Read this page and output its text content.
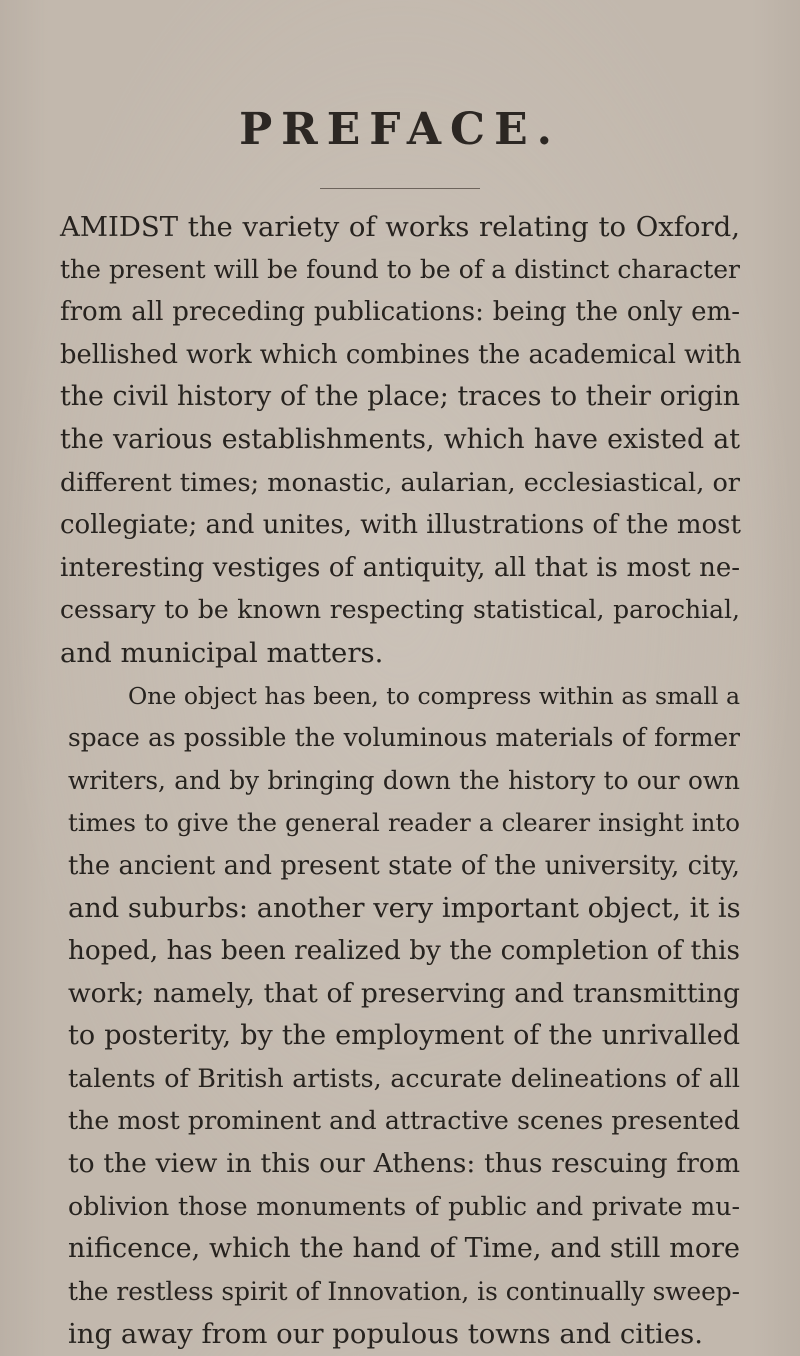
PREFACE.

AMIDST the variety of works relating to Oxford,
the present will be found to be of a distinct character
from all preceding publications: being the only em-
bellished work which combines the academical with
the civil history of the place; traces to their origin
the various establishments, which have existed at
different times; monastic, aularian, ecclesiastical, or
collegiate; and unites, with illustrations of the most
interesting vestiges of antiquity, all that is most ne-
cessary to be known respecting statistical, parochial,
and municipal matters.

One object has been, to compress within as small a
space as possible the voluminous materials of former
writers, and by bringing down the history to our own
times to give the general reader a clearer insight into
the ancient and present state of the university, city,
and suburbs: another very important object, it is
hoped, has been realized by the completion of this
work; namely, that of preserving and transmitting
to posterity, by the employment of the unrivalled
talents of British artists, accurate delineations of all
the most prominent and attractive scenes presented
to the view in this our Athens: thus rescuing from
oblivion those monuments of public and private mu-
nificence, which the hand of Time, and still more
the restless spirit of Innovation, is continually sweep-
ing away from our populous towns and cities.
